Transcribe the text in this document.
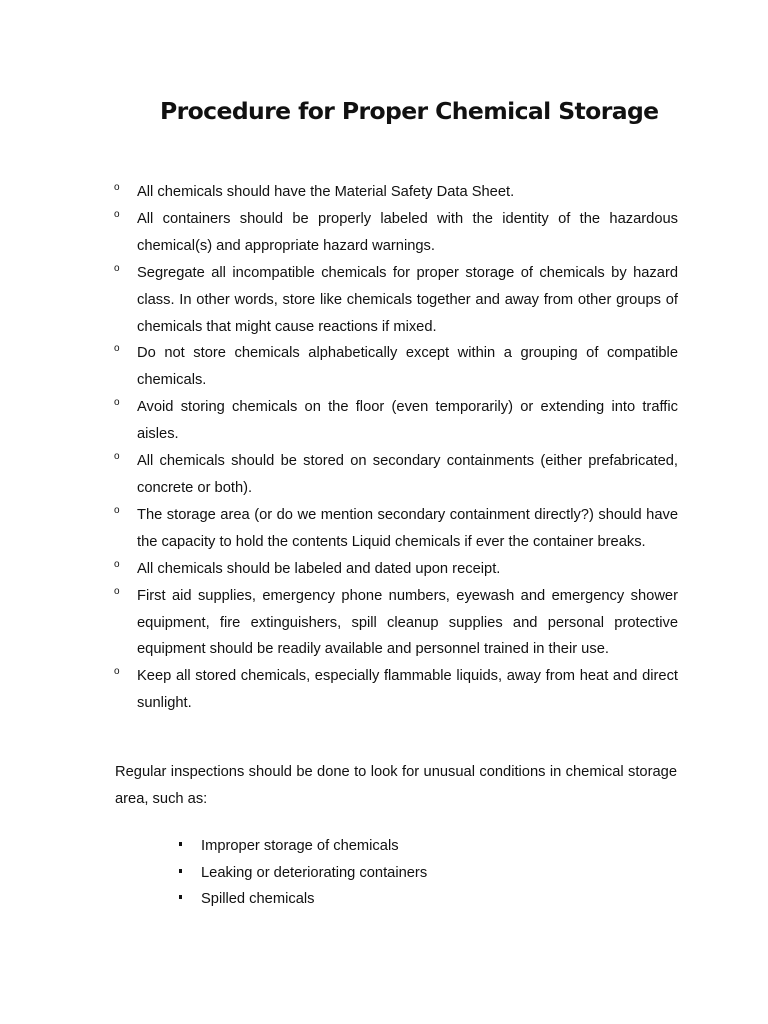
Procedure for Proper Chemical Storage
o All chemicals should have the Material Safety Data Sheet.
o All containers should be properly labeled with the identity of the hazardous chemical(s) and appropriate hazard warnings.
o Segregate all incompatible chemicals for proper storage of chemicals by hazard class. In other words, store like chemicals together and away from other groups of chemicals that might cause reactions if mixed.
o Do not store chemicals alphabetically except within a grouping of compatible chemicals.
o Avoid storing chemicals on the floor (even temporarily) or extending into traffic aisles.
o All chemicals should be stored on secondary containments (either prefabricated, concrete or both).
o The storage area (or do we mention secondary containment directly?) should have the capacity to hold the contents Liquid chemicals if ever the container breaks.
o All chemicals should be labeled and dated upon receipt.
o First aid supplies, emergency phone numbers, eyewash and emergency shower equipment, fire extinguishers, spill cleanup supplies and personal protective equipment should be readily available and personnel trained in their use.
o Keep all stored chemicals, especially flammable liquids, away from heat and direct sunlight.

Regular inspections should be done to look for unusual conditions in chemical storage area, such as:

Improper storage of chemicals
Leaking or deteriorating containers
Spilled chemicals
